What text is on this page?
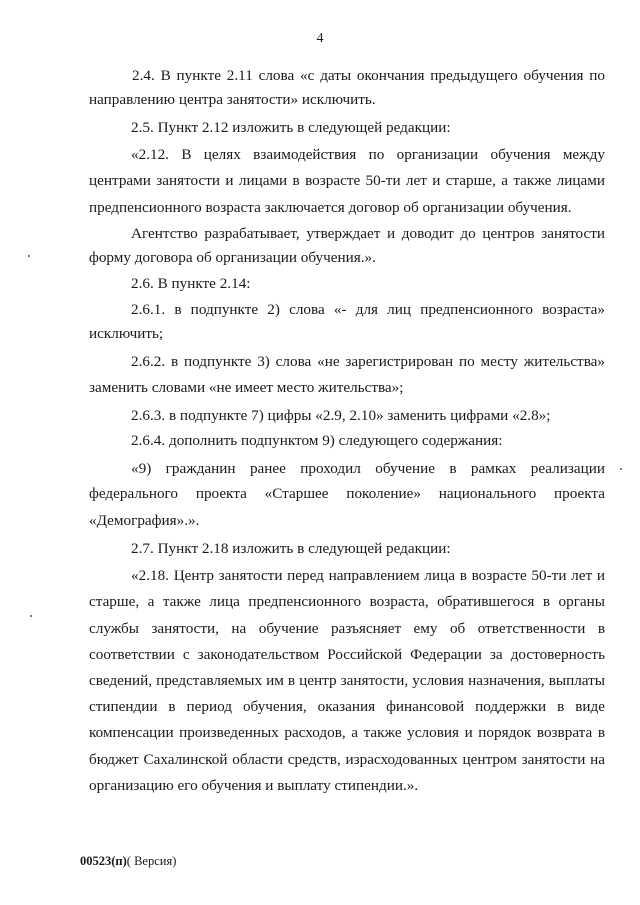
4
2.4. В пункте 2.11 слова «с даты окончания предыдущего обучения по
направлению центра занятости» исключить.
2.5. Пункт 2.12 изложить в следующей редакции:
«2.12. В целях взаимодействия по организации обучения между
центрами занятости и лицами в возрасте 50-ти лет и старше, а также лицами
предпенсионного возраста заключается договор об организации обучения.
Агентство разрабатывает, утверждает и доводит до центров занятости
форму договора об организации обучения.».
2.6. В пункте 2.14:
2.6.1. в подпункте 2) слова «- для лиц предпенсионного возраста»
исключить;
2.6.2. в подпункте 3) слова «не зарегистрирован по месту жительства»
заменить словами «не имеет место жительства»;
2.6.3. в подпункте 7) цифры «2.9, 2.10» заменить цифрами «2.8»;
2.6.4. дополнить подпунктом 9) следующего содержания:
«9) гражданин ранее проходил обучение в рамках реализации
федерального проекта «Старшее поколение» национального проекта
«Демография».».
2.7. Пункт 2.18 изложить в следующей редакции:
«2.18. Центр занятости перед направлением лица в возрасте 50-ти лет и
старше, а также лица предпенсионного возраста, обратившегося в органы
службы занятости, на обучение разъясняет ему об ответственности в
соответствии с законодательством Российской Федерации за достоверность
сведений, представляемых им в центр занятости, условия назначения, выплаты
стипендии в период обучения, оказания финансовой поддержки в виде
компенсации произведенных расходов, а также условия и порядок возврата в
бюджет Сахалинской области средств, израсходованных центром занятости на
организацию его обучения и выплату стипендии.».
00523(п)( Версия)
